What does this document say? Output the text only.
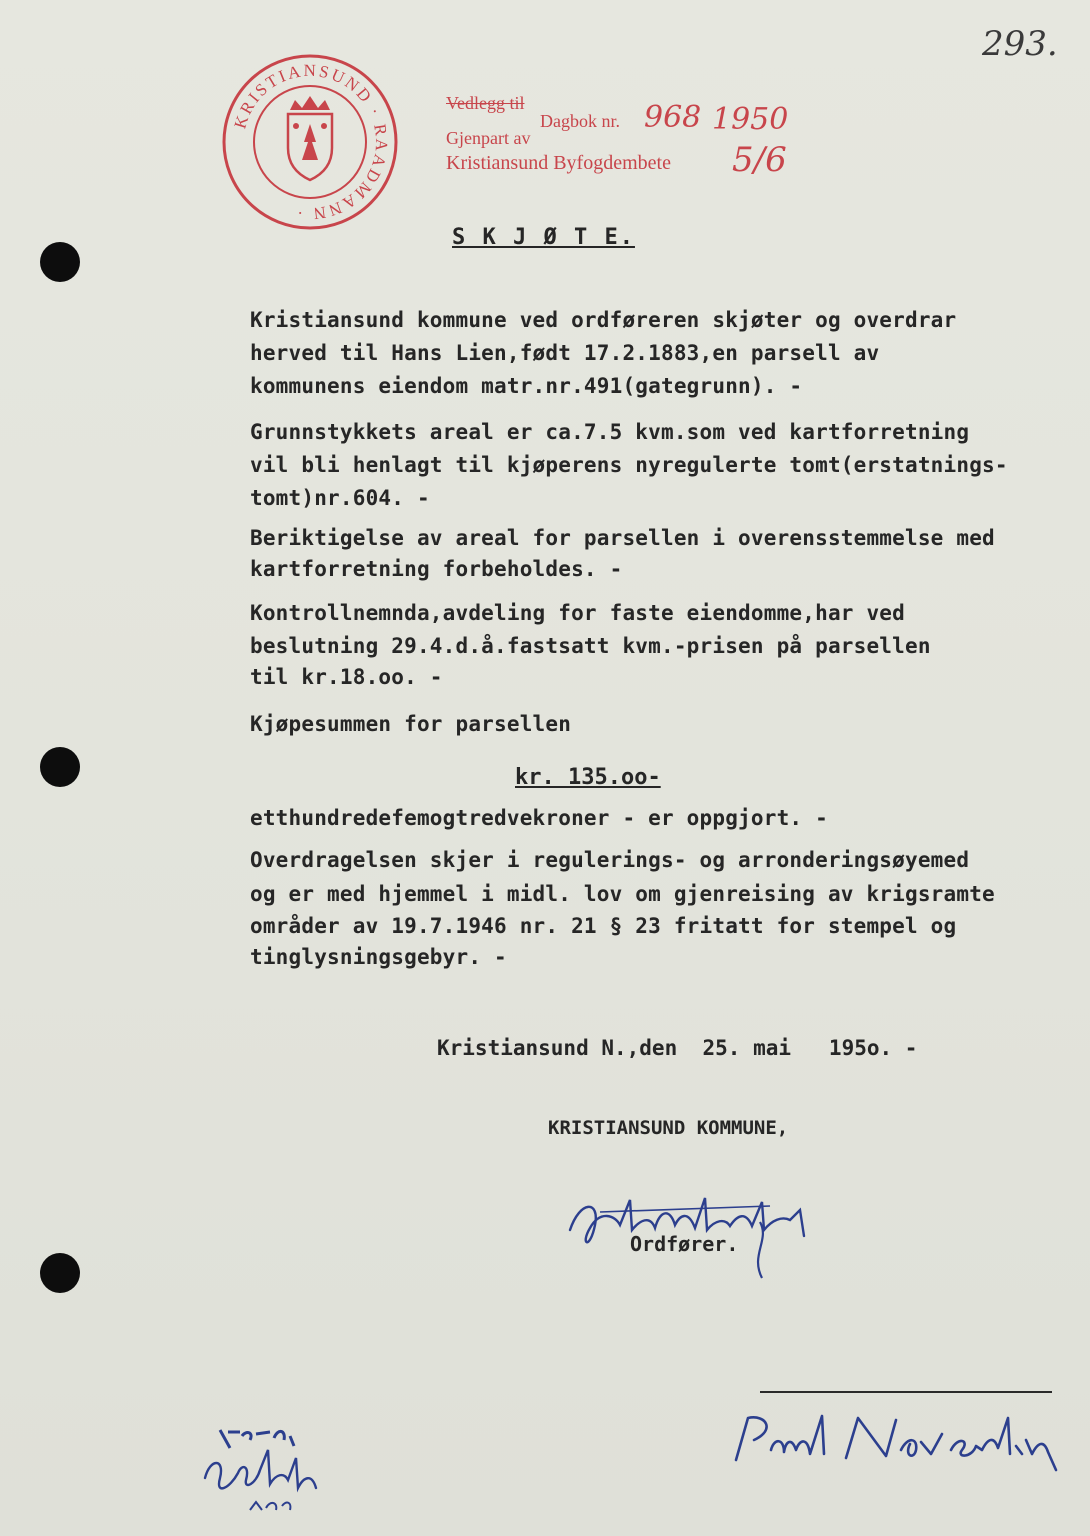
293.
KRISTIANSUND · RAADMANN ·
Vedlegg til
Dagbok nr. 968 1950
Gjenpart av
Kristiansund Byfogdembete 5/6
S K J Ø T E.
Kristiansund kommune ved ordføreren skjøter og overdrar
herved til Hans Lien,født 17.2.1883,en parsell av
kommunens eiendom matr.nr.491(gategrunn). -
Grunnstykkets areal er ca.7.5 kvm.som ved kartforretning
vil bli henlagt til kjøperens nyregulerte tomt(erstatnings-
tomt)nr.604. -
Beriktigelse av areal for parsellen i overensstemmelse med
kartforretning forbeholdes. -
Kontrollnemnda,avdeling for faste eiendomme,har ved
beslutning 29.4.d.å.fastsatt kvm.-prisen på parsellen
til kr.18.oo. -
Kjøpesummen for parsellen
kr. 135.oo-
etthundredefemogtredvekroner - er oppgjort. -
Overdragelsen skjer i regulerings- og arronderingsøyemed
og er med hjemmel i midl. lov om gjenreising av krigsramte
områder av 19.7.1946 nr. 21 § 23 fritatt for stempel og
tinglysningsgebyr. -
Kristiansund N.,den  25. mai   195o. -
KRISTIANSUND KOMMUNE,
Ordfører.
